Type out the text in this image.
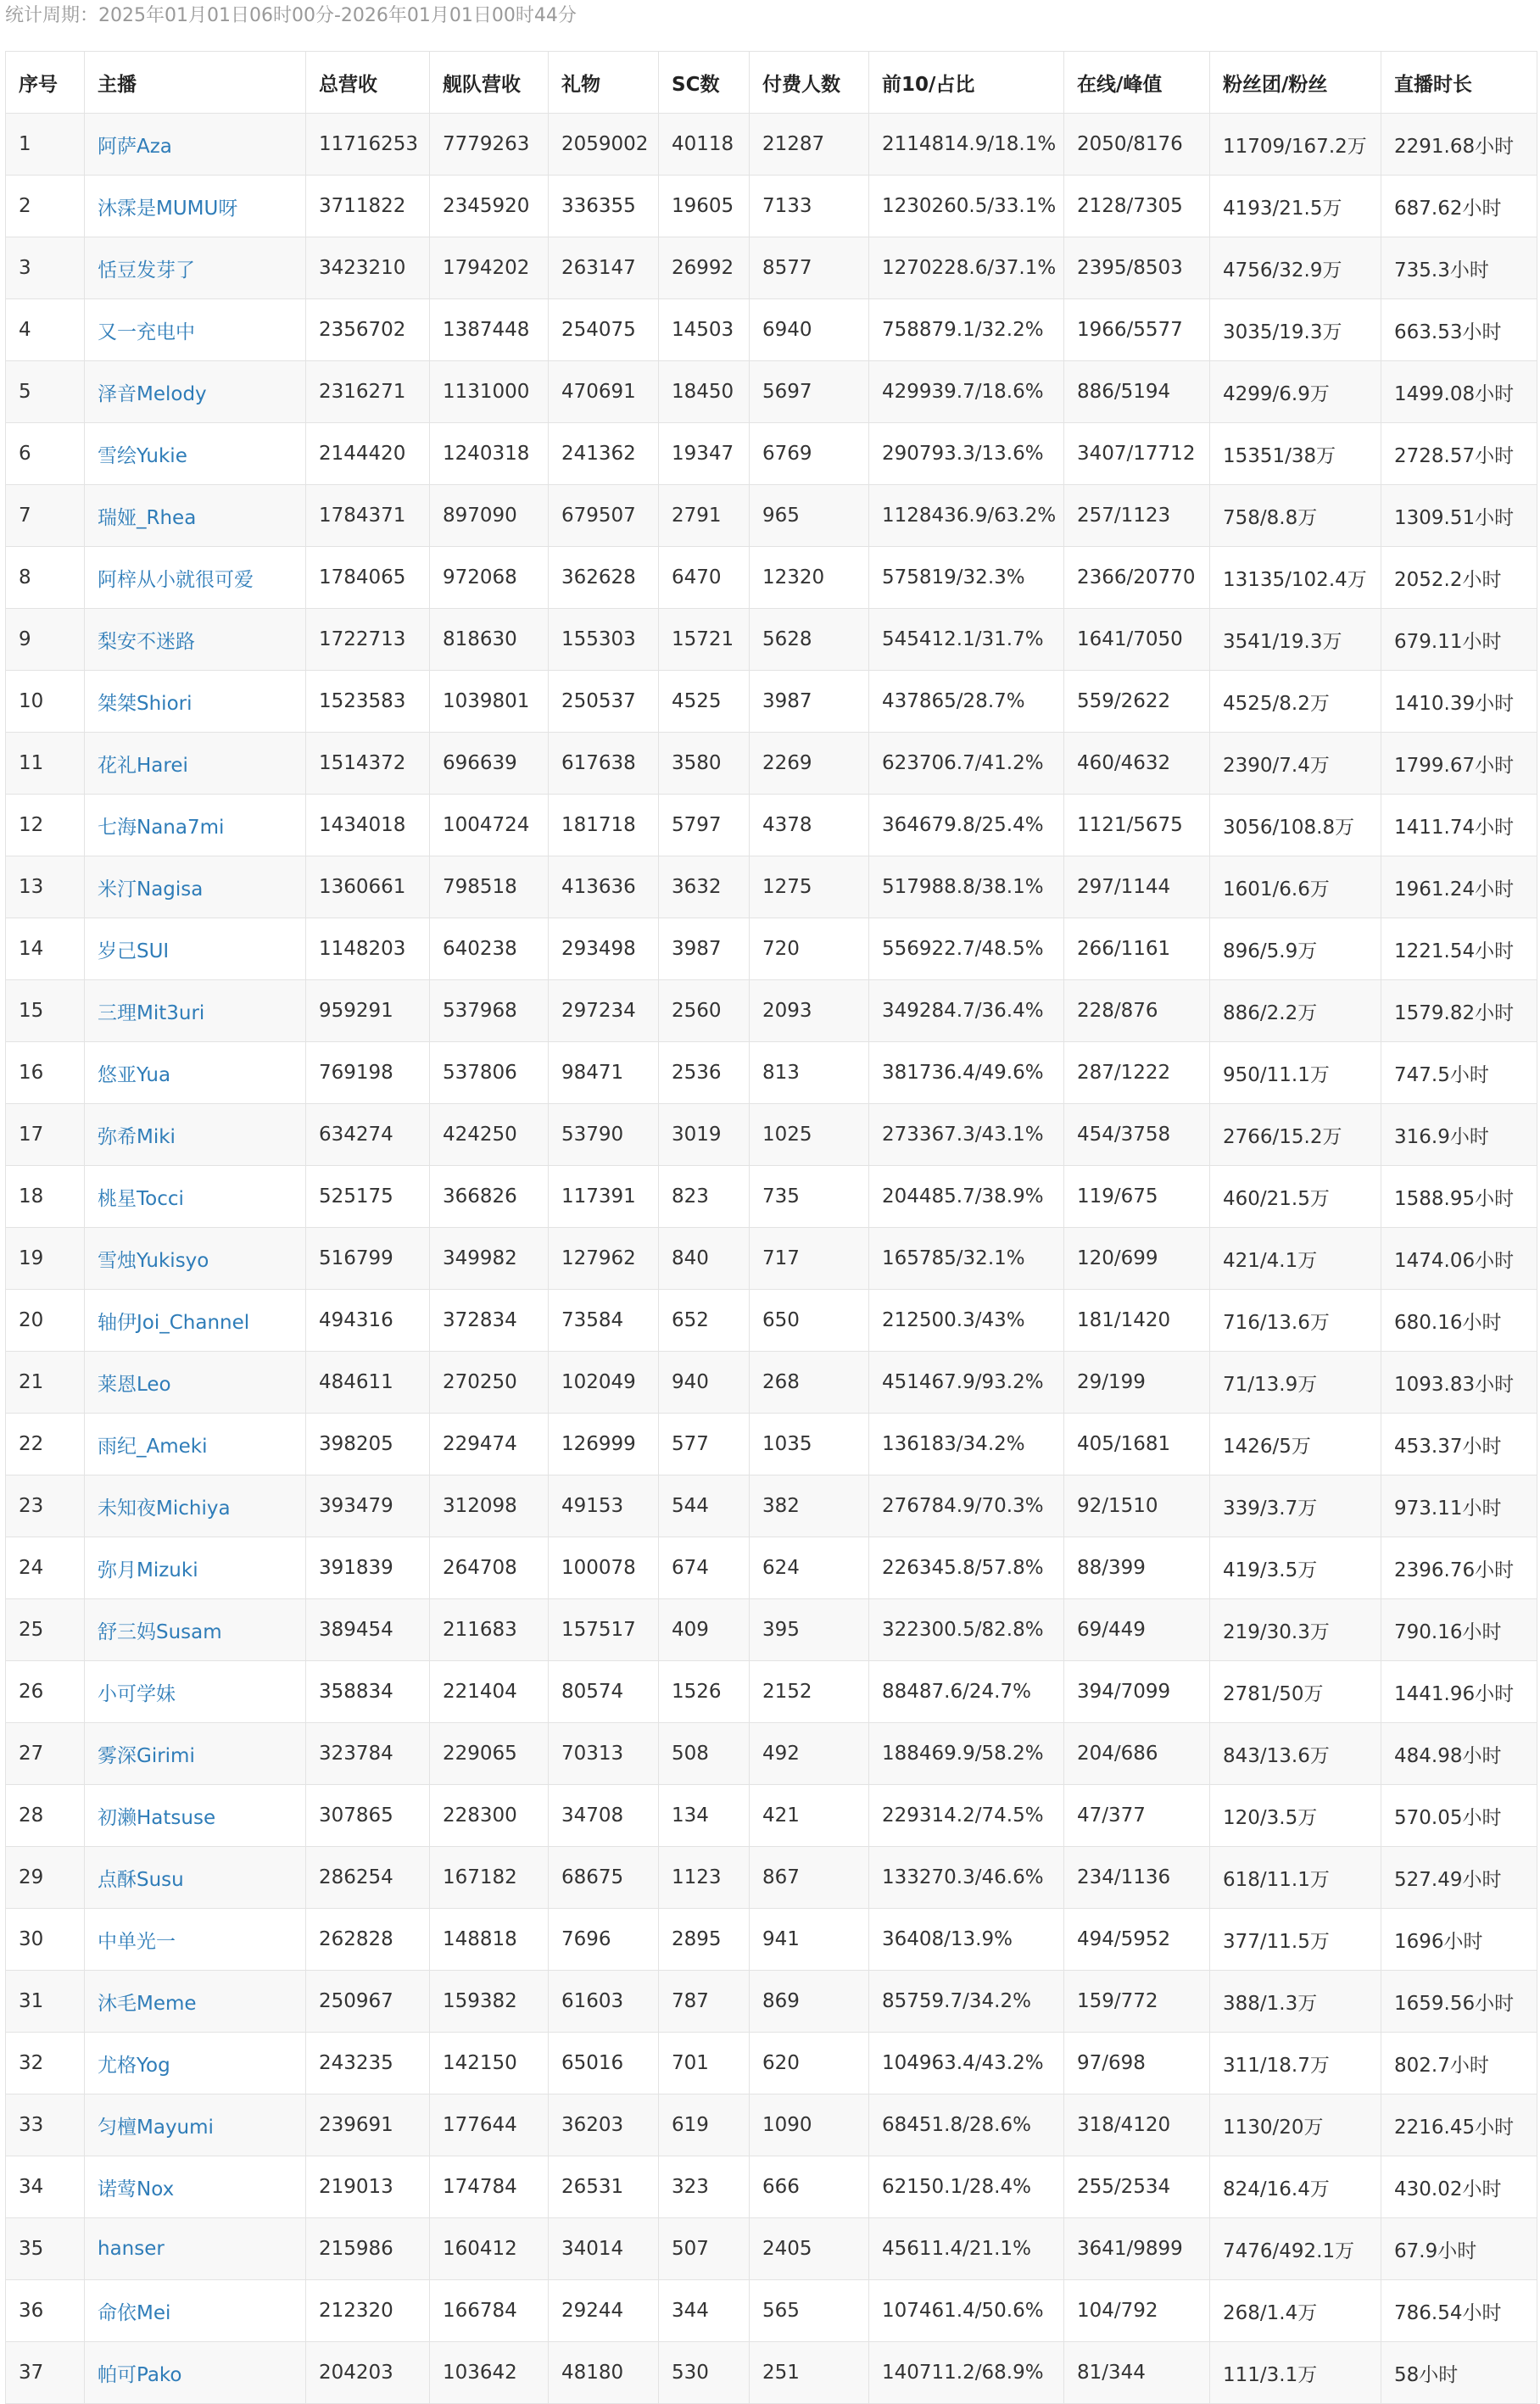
统计周期：2025年01月01日06时00分-2026年01月01日00时44分
序号	主播	总营收	舰队营收	礼物	SC数	付费人数	前10/占比	在线/峰值	粉丝团/粉丝	直播时长
1	阿萨Aza	11716253	7779263	2059002	40118	21287	2114814.9/18.1%	2050/8176	11709/167.2万	2291.68小时
2	沐霂是MUMU呀	3711822	2345920	336355	19605	7133	1230260.5/33.1%	2128/7305	4193/21.5万	687.62小时
3	恬豆发芽了	3423210	1794202	263147	26992	8577	1270228.6/37.1%	2395/8503	4756/32.9万	735.3小时
4	又一充电中	2356702	1387448	254075	14503	6940	758879.1/32.2%	1966/5577	3035/19.3万	663.53小时
5	泽音Melody	2316271	1131000	470691	18450	5697	429939.7/18.6%	886/5194	4299/6.9万	1499.08小时
6	雪绘Yukie	2144420	1240318	241362	19347	6769	290793.3/13.6%	3407/17712	15351/38万	2728.57小时
7	瑞娅_Rhea	1784371	897090	679507	2791	965	1128436.9/63.2%	257/1123	758/8.8万	1309.51小时
8	阿梓从小就很可爱	1784065	972068	362628	6470	12320	575819/32.3%	2366/20770	13135/102.4万	2052.2小时
9	梨安不迷路	1722713	818630	155303	15721	5628	545412.1/31.7%	1641/7050	3541/19.3万	679.11小时
10	桀桀Shiori	1523583	1039801	250537	4525	3987	437865/28.7%	559/2622	4525/8.2万	1410.39小时
11	花礼Harei	1514372	696639	617638	3580	2269	623706.7/41.2%	460/4632	2390/7.4万	1799.67小时
12	七海Nana7mi	1434018	1004724	181718	5797	4378	364679.8/25.4%	1121/5675	3056/108.8万	1411.74小时
13	米汀Nagisa	1360661	798518	413636	3632	1275	517988.8/38.1%	297/1144	1601/6.6万	1961.24小时
14	岁己SUI	1148203	640238	293498	3987	720	556922.7/48.5%	266/1161	896/5.9万	1221.54小时
15	三理Mit3uri	959291	537968	297234	2560	2093	349284.7/36.4%	228/876	886/2.2万	1579.82小时
16	悠亚Yua	769198	537806	98471	2536	813	381736.4/49.6%	287/1222	950/11.1万	747.5小时
17	弥希Miki	634274	424250	53790	3019	1025	273367.3/43.1%	454/3758	2766/15.2万	316.9小时
18	桃星Tocci	525175	366826	117391	823	735	204485.7/38.9%	119/675	460/21.5万	1588.95小时
19	雪烛Yukisyo	516799	349982	127962	840	717	165785/32.1%	120/699	421/4.1万	1474.06小时
20	轴伊Joi_Channel	494316	372834	73584	652	650	212500.3/43%	181/1420	716/13.6万	680.16小时
21	莱恩Leo	484611	270250	102049	940	268	451467.9/93.2%	29/199	71/13.9万	1093.83小时
22	雨纪_Ameki	398205	229474	126999	577	1035	136183/34.2%	405/1681	1426/5万	453.37小时
23	未知夜Michiya	393479	312098	49153	544	382	276784.9/70.3%	92/1510	339/3.7万	973.11小时
24	弥月Mizuki	391839	264708	100078	674	624	226345.8/57.8%	88/399	419/3.5万	2396.76小时
25	舒三妈Susam	389454	211683	157517	409	395	322300.5/82.8%	69/449	219/30.3万	790.16小时
26	小可学妹	358834	221404	80574	1526	2152	88487.6/24.7%	394/7099	2781/50万	1441.96小时
27	雾深Girimi	323784	229065	70313	508	492	188469.9/58.2%	204/686	843/13.6万	484.98小时
28	初濑Hatsuse	307865	228300	34708	134	421	229314.2/74.5%	47/377	120/3.5万	570.05小时
29	点酥Susu	286254	167182	68675	1123	867	133270.3/46.6%	234/1136	618/11.1万	527.49小时
30	中单光一	262828	148818	7696	2895	941	36408/13.9%	494/5952	377/11.5万	1696小时
31	沐毛Meme	250967	159382	61603	787	869	85759.7/34.2%	159/772	388/1.3万	1659.56小时
32	尤格Yog	243235	142150	65016	701	620	104963.4/43.2%	97/698	311/18.7万	802.7小时
33	匀檀Mayumi	239691	177644	36203	619	1090	68451.8/28.6%	318/4120	1130/20万	2216.45小时
34	诺莺Nox	219013	174784	26531	323	666	62150.1/28.4%	255/2534	824/16.4万	430.02小时
35	hanser	215986	160412	34014	507	2405	45611.4/21.1%	3641/9899	7476/492.1万	67.9小时
36	命依Mei	212320	166784	29244	344	565	107461.4/50.6%	104/792	268/1.4万	786.54小时
37	帕可Pako	204203	103642	48180	530	251	140711.2/68.9%	81/344	111/3.1万	58小时
